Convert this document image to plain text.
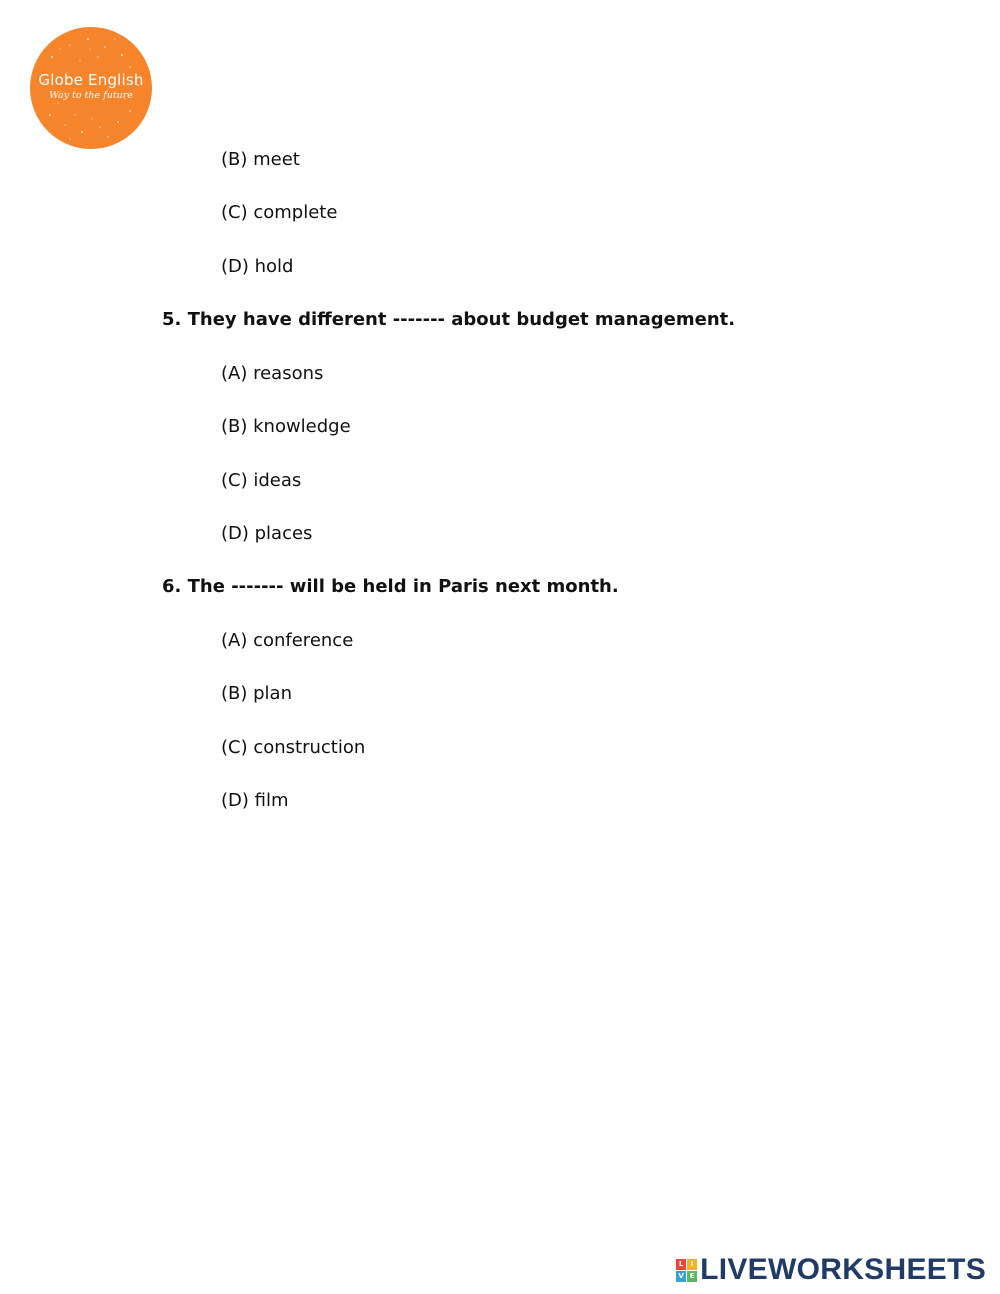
Globe English
Way to the future
(B) meet
(C) complete
(D) hold
5. They have different ------- about budget management.
(A) reasons
(B) knowledge
(C) ideas
(D) places
6. The ------- will be held in Paris next month.
(A) conference
(B) plan
(C) construction
(D) film
L	I
V E LIVEWORKSHEETS
